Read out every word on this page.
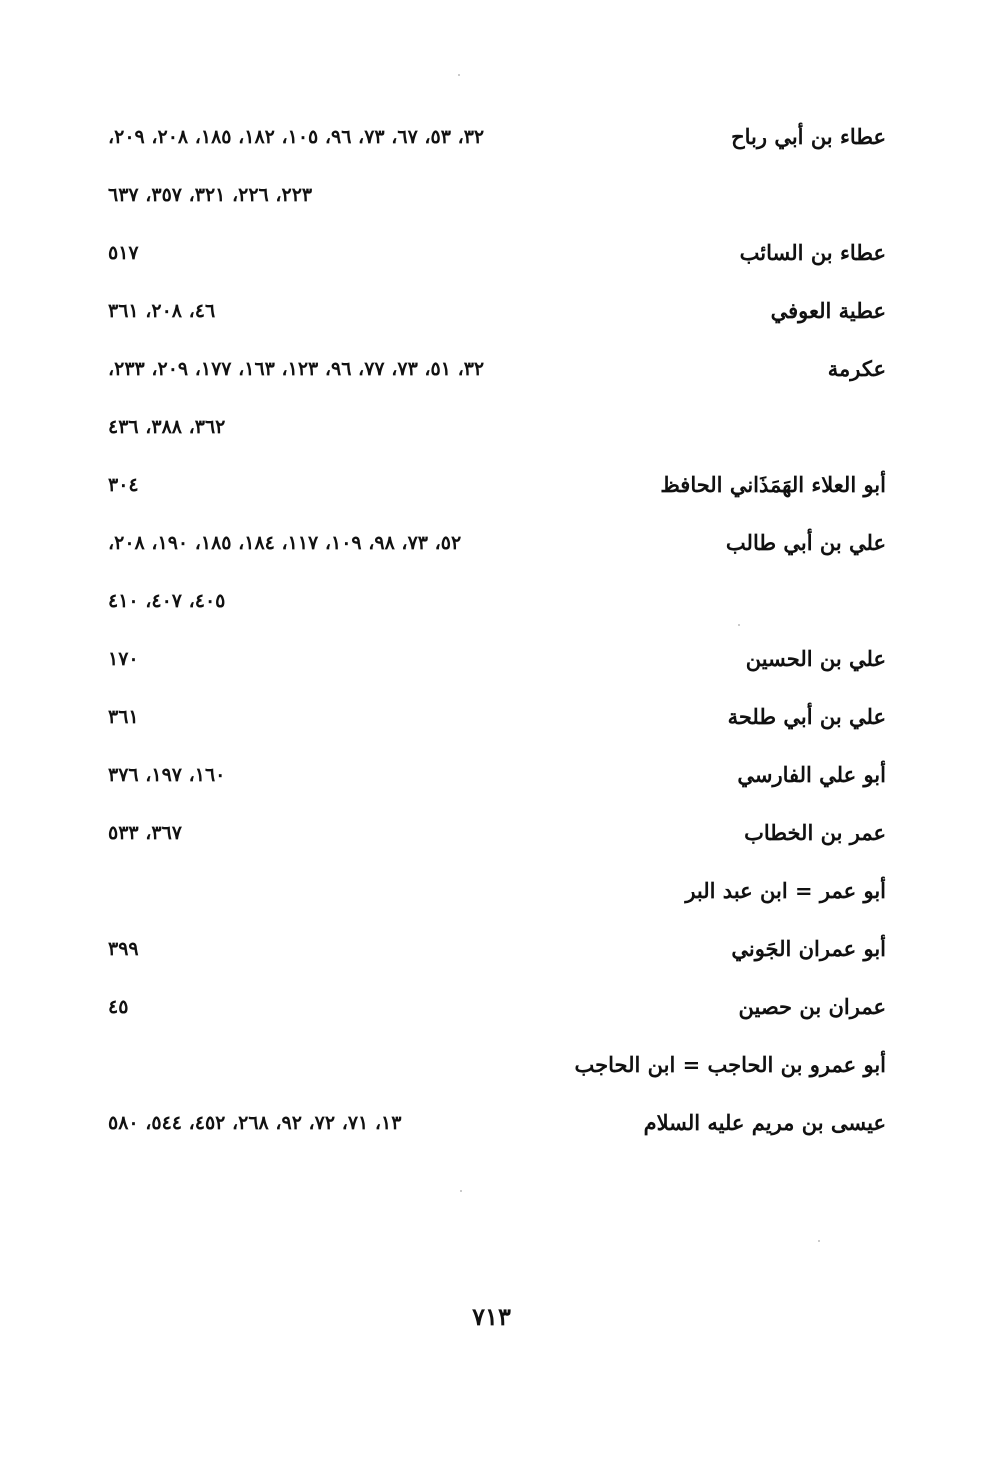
عطاء بن أبي رباح
٣٢، ٥٣، ٦٧، ٧٣، ٩٦، ١٠٥، ١٨٢، ١٨٥، ٢٠٨، ٢٠٩،
٢٢٣، ٢٢٦، ٣٢١، ٣٥٧، ٦٣٧
عطاء بن السائب
٥١٧
عطية العوفي
٤٦، ٢٠٨، ٣٦١
عكرمة
٣٢، ٥١، ٧٣، ٧٧، ٩٦، ١٢٣، ١٦٣، ١٧٧، ٢٠٩، ٢٣٣،
٣٦٢، ٣٨٨، ٤٣٦
أبو العلاء الهَمَذَاني الحافظ
٣٠٤
علي بن أبي طالب
٥٢، ٧٣، ٩٨، ١٠٩، ١١٧، ١٨٤، ١٨٥، ١٩٠، ٢٠٨،
٤٠٥، ٤٠٧، ٤١٠
علي بن الحسين
١٧٠
علي بن أبي طلحة
٣٦١
أبو علي الفارسي
١٦٠، ١٩٧، ٣٧٦
عمر بن الخطاب
٣٦٧، ٥٣٣
أبو عمر = ابن عبد البر
أبو عمران الجَوني
٣٩٩
عمران بن حصين
٤٥
أبو عمرو بن الحاجب = ابن الحاجب
عيسى بن مريم عليه السلام
١٣، ٧١، ٧٢، ٩٢، ٢٦٨، ٤٥٢، ٥٤٤، ٥٨٠
٧١٣
